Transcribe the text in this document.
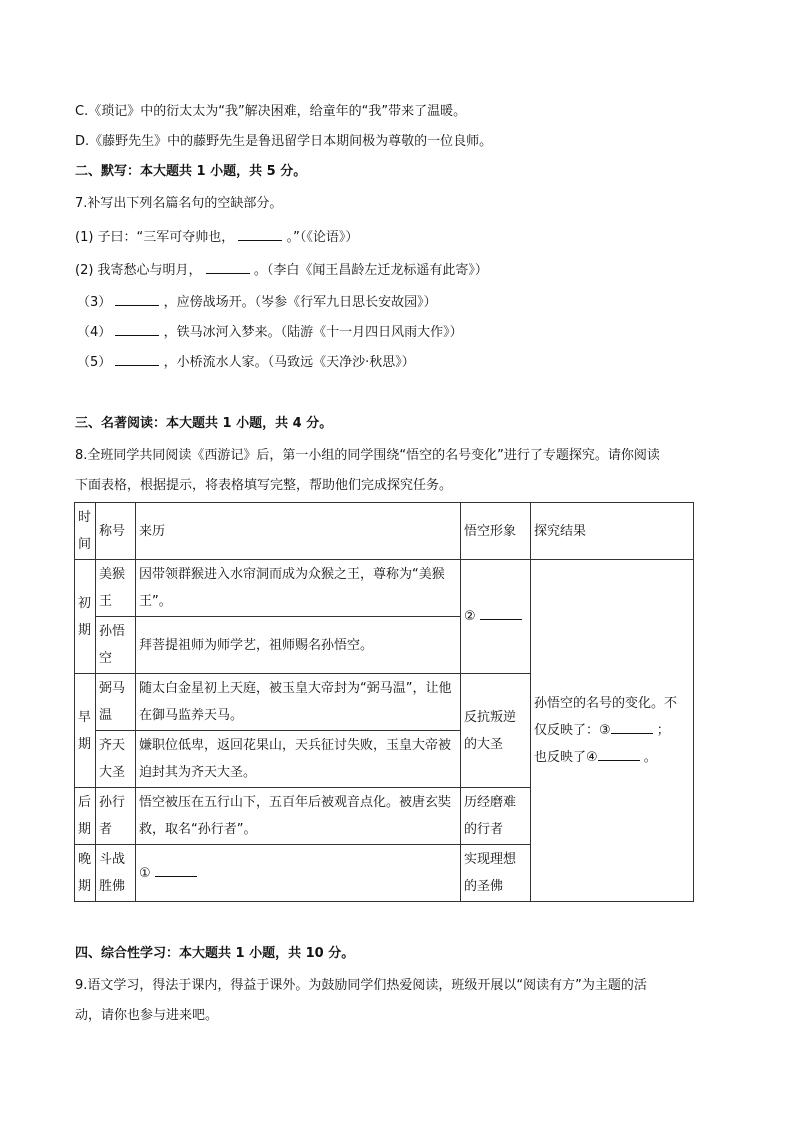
C.《琐记》中的衍太太为“我”解决困难，给童年的“我”带来了温暖。
D.《藤野先生》中的藤野先生是鲁迅留学日本期间极为尊敬的一位良师。
二、默写：本大题共 1 小题，共 5 分。
7.补写出下列名篇名句的空缺部分。
(1) 子曰：“三军可夺帅也，	。”（《论语》）
(2) 我寄愁心与明月，	。（李白《闻王昌龄左迁龙标遥有此寄》）
（3）	，应傍战场开。（岑参《行军九日思长安故园》）
（4）	，铁马冰河入梦来。（陆游《十一月四日风雨大作》）
（5）	，小桥流水人家。（马致远《天净沙·秋思》）
三、名著阅读：本大题共 1 小题，共 4 分。
8.全班同学共同阅读《西游记》后，第一小组的同学围绕“悟空的名号变化”进行了专题探究。请你阅读
下面表格，根据提示，将表格填写完整，帮助他们完成探究任务。
时间	称号	来历	悟空形象	探究结果
初期	美猴王	因带领群猴进入水帘洞而成为众猴之王，尊称为“美猴王”。	②	孙悟空的名号的变化。不
仅反映了：③ ；
也反映了④ 。

	孙悟空	拜菩提祖师为师学艺，祖师赐名孙悟空。		
早期	弼马温	随太白金星初上天庭，被玉皇大帝封为“弼马温”，让他在御马监养天马。	反抗叛逆的大圣	
	齐天大圣	嫌职位低卑，返回花果山，天兵征讨失败，玉皇大帝被迫封其为齐天大圣。		
后期	孙行者	悟空被压在五行山下，五百年后被观音点化。被唐玄奘救，取名“孙行者”。	历经磨难的行者	
晚期	斗战胜佛	①	实现理想的圣佛	
四、综合性学习：本大题共 1 小题，共 10 分。
9.语文学习，得法于课内，得益于课外。为鼓励同学们热爱阅读，班级开展以“阅读有方”为主题的活
动，请你也参与进来吧。
